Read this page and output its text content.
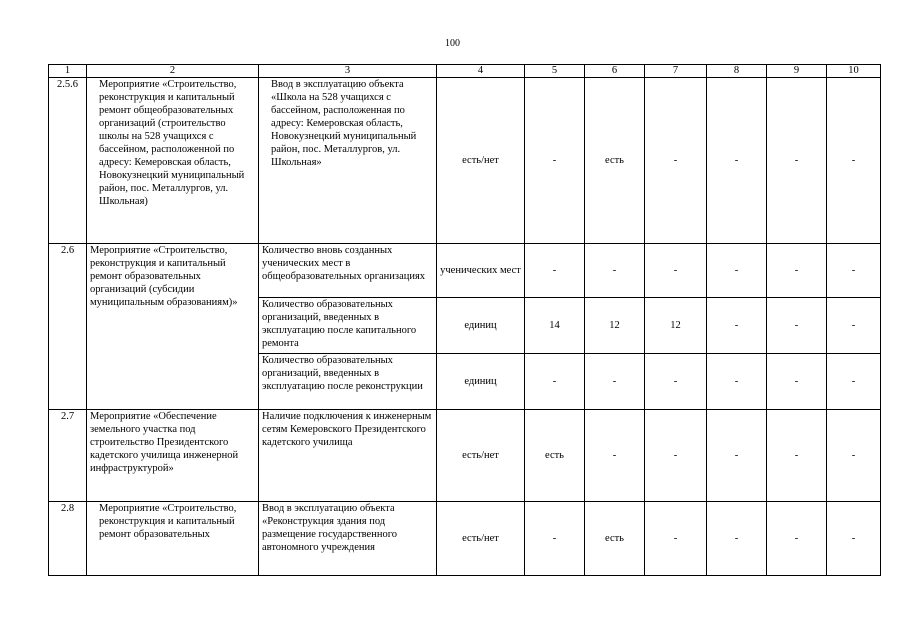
100
1	2	3	4	5	6	7	8	9	10
2.5.6	Мероприятие «Строительство, реконструкция и капитальный ремонт общеобразовательных организаций (строительство школы на 528 учащихся с бассейном, расположенной по адресу: Кемеровская область, Новокузнецкий муниципальный район, пос. Металлургов, ул. Школьная)	Ввод в эксплуатацию объекта «Школа на 528 учащихся с бассейном, расположенная по адресу: Кемеровская область, Новокузнецкий муниципальный район, пос. Металлургов, ул. Школьная»	есть/нет	-	есть	-	-	-	-
2.6	Мероприятие «Строительство, реконструкция и капитальный ремонт образовательных организаций (субсидии муниципальным образованиям)»	Количество вновь созданных ученических мест в общеобразовательных организациях	ученических мест	-	-	-	-	-	-
		Количество образовательных организаций, введенных в эксплуатацию после капитального ремонта	единиц	14	12	12	-	-	-
		Количество образовательных организаций, введенных в эксплуатацию после реконструкции	единиц	-	-	-	-	-	-
2.7	Мероприятие «Обеспечение земельного участка под строительство Президентского кадетского училища инженерной инфраструктурой»	Наличие подключения к инженерным сетям Кемеровского Президентского кадетского училища	есть/нет	есть	-	-	-	-	-
2.8	Мероприятие «Строительство, реконструкция и капитальный ремонт образовательных	Ввод в эксплуатацию объекта «Реконструкция здания под размещение государственного автономного учреждения	есть/нет	-	есть	-	-	-	-
